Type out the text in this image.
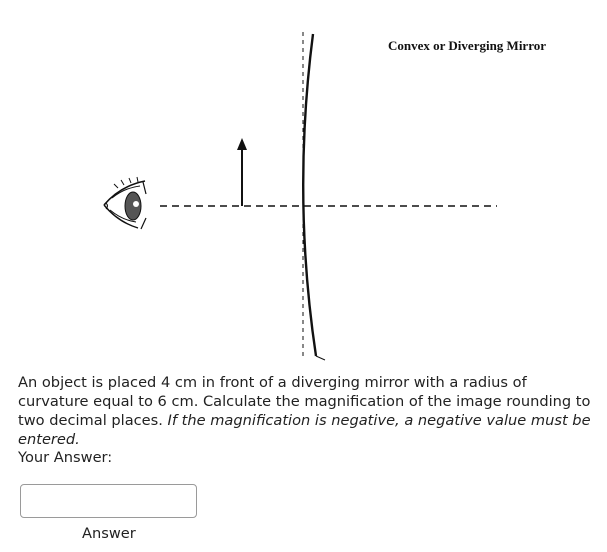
Convex or Diverging Mirror
An object is placed 4 cm in front of a diverging mirror with a radius of curvature equal to 6 cm. Calculate the magnification of the image rounding to two decimal places. If the magnification is negative, a negative value must be entered.
Your Answer:
Answer
